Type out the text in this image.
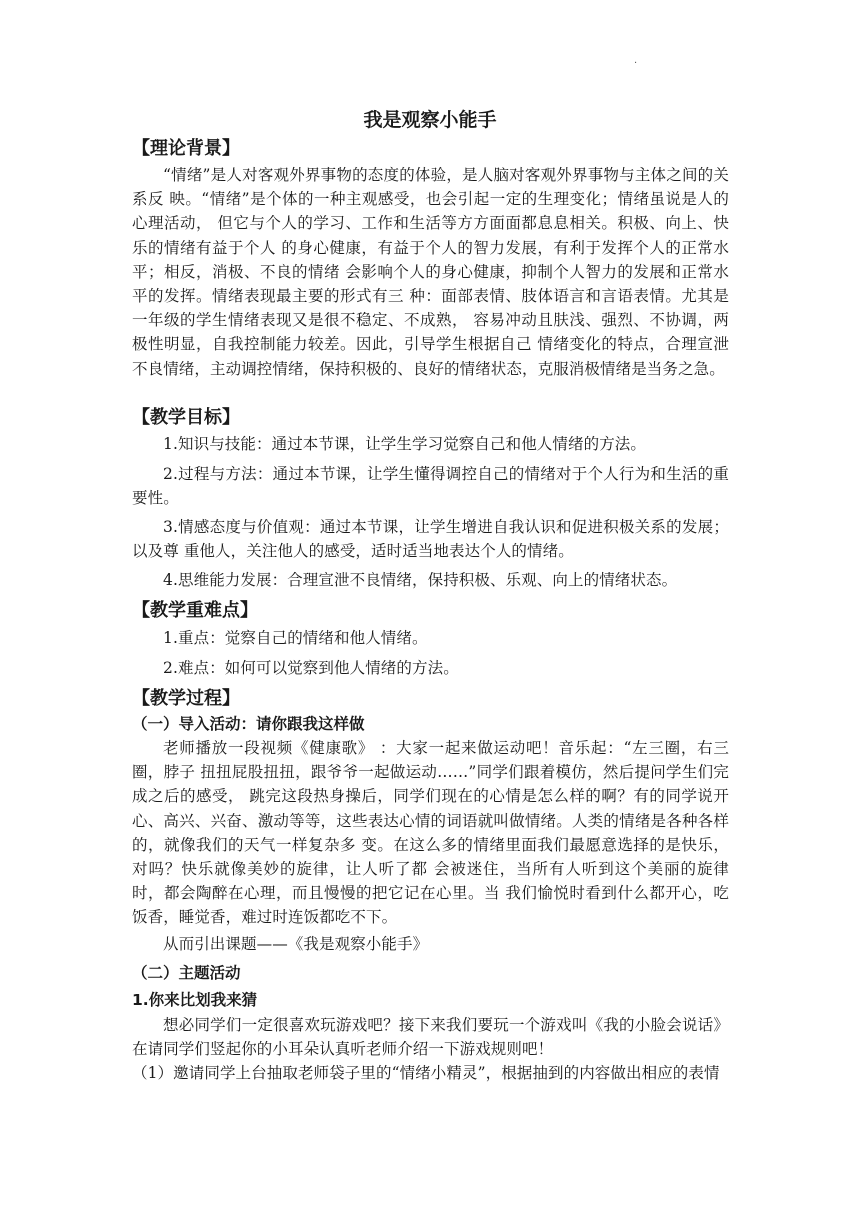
·
我是观察小能手
【理论背景】
“情绪”是人对客观外界事物的态度的体验，是人脑对客观外界事物与主体之间的关系反 映。“情绪”是个体的一种主观感受，也会引起一定的生理变化；情绪虽说是人的心理活动， 但它与个人的学习、工作和生活等方方面面都息息相关。积极、向上、快乐的情绪有益于个人 的身心健康，有益于个人的智力发展，有利于发挥个人的正常水平；相反，消极、不良的情绪 会影响个人的身心健康，抑制个人智力的发展和正常水平的发挥。情绪表现最主要的形式有三 种：面部表情、肢体语言和言语表情。尤其是一年级的学生情绪表现又是很不稳定、不成熟， 容易冲动且肤浅、强烈、不协调，两极性明显，自我控制能力较差。因此，引导学生根据自己 情绪变化的特点，合理宣泄不良情绪，主动调控情绪，保持积极的、良好的情绪状态，克服消极情绪是当务之急。
【教学目标】
1.知识与技能：通过本节课，让学生学习觉察自己和他人情绪的方法。
2.过程与方法：通过本节课，让学生懂得调控自己的情绪对于个人行为和生活的重要性。
3.情感态度与价值观：通过本节课，让学生增进自我认识和促进积极关系的发展；以及尊 重他人，关注他人的感受，适时适当地表达个人的情绪。
4.思维能力发展：合理宣泄不良情绪，保持积极、乐观、向上的情绪状态。
【教学重难点】
1.重点：觉察自己的情绪和他人情绪。
2.难点：如何可以觉察到他人情绪的方法。
【教学过程】
（一）导入活动：请你跟我这样做
老师播放一段视频《健康歌》 ：大家一起来做运动吧！音乐起：“左三圈，右三圈，脖子 扭扭屁股扭扭，跟爷爷一起做运动……”同学们跟着模仿，然后提问学生们完成之后的感受， 跳完这段热身操后，同学们现在的心情是怎么样的啊？有的同学说开心、高兴、兴奋、激动等等，这些表达心情的词语就叫做情绪。人类的情绪是各种各样的，就像我们的天气一样复杂多 变。在这么多的情绪里面我们最愿意选择的是快乐，对吗？快乐就像美妙的旋律，让人听了都 会被迷住，当所有人听到这个美丽的旋律时，都会陶醉在心理，而且慢慢的把它记在心里。当 我们愉悦时看到什么都开心，吃饭香，睡觉香，难过时连饭都吃不下。
从而引出课题——《我是观察小能手》
（二）主题活动
1.你来比划我来猜
想必同学们一定很喜欢玩游戏吧？接下来我们要玩一个游戏叫《我的小脸会说话》 在请同学们竖起你的小耳朵认真听老师介绍一下游戏规则吧！
（1）邀请同学上台抽取老师袋子里的“情绪小精灵”，根据抽到的内容做出相应的表情
